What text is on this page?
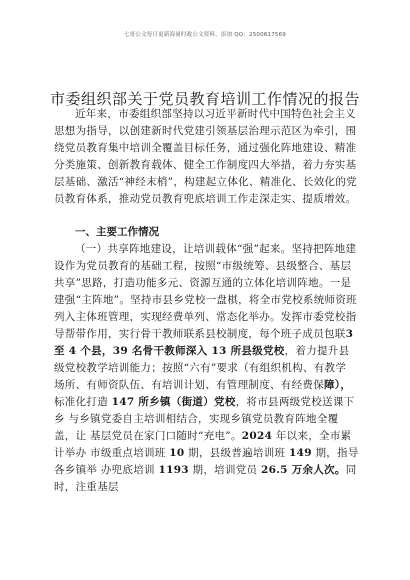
七哥公文每日更新海量时政公文资料，添加 QQ：2500617569
市委组织部关于党员教育培训工作情况的报告

近年来，市委组织部坚持以习近平新时代中国特色社会主义思想为指导，以创建新时代党建引领基层治理示范区为牵引，围绕党员教育集中培训全覆盖目标任务，通过强化阵地建设、精准分类施策、创新教育载体、健全工作制度四大举措，着力夯实基层基础、激活“神经末梢”，构建起立体化、精准化、长效化的党员教育体系，推动党员教育兜底培训工作走深走实、提质增效。

一、主要工作情况

（一）共享阵地建设，让培训载体“强”起来。坚持把阵地建设作为党员教育的基础工程，按照“市级统筹、县级整合、基层共享”思路，打造功能多元、资源互通的立体化培训阵地。一是建强“主阵地”。坚持市县乡党校一盘棋，将全市党校系统师资班列入主体班管理，实现经费单列、常态化举办。发挥市委党校指导帮带作用，实行骨干教师联系县校制度，每个班子成员包联3 至 4 个县，39 名骨干教师深入 13 所县级党校，着力提升县 级党校教学培训能力；按照“六有”要求（有组织机构、有教学 场所、有师资队伍、有培训计划、有管理制度、有经费保障），标准化打造 147 所乡镇（街道）党校，将市县两级党校送课下乡 与乡镇党委自主培训相结合，实现乡镇党员教育阵地全覆盖，让 基层党员在家门口随时“充电”。2024 年以来，全市累计举办 市级重点培训班 10 期，县级普遍培训班 149 期，指导各乡镇举 办兜底培训 1193 期，培训党员 26.5 万余人次。同时，注重基层
